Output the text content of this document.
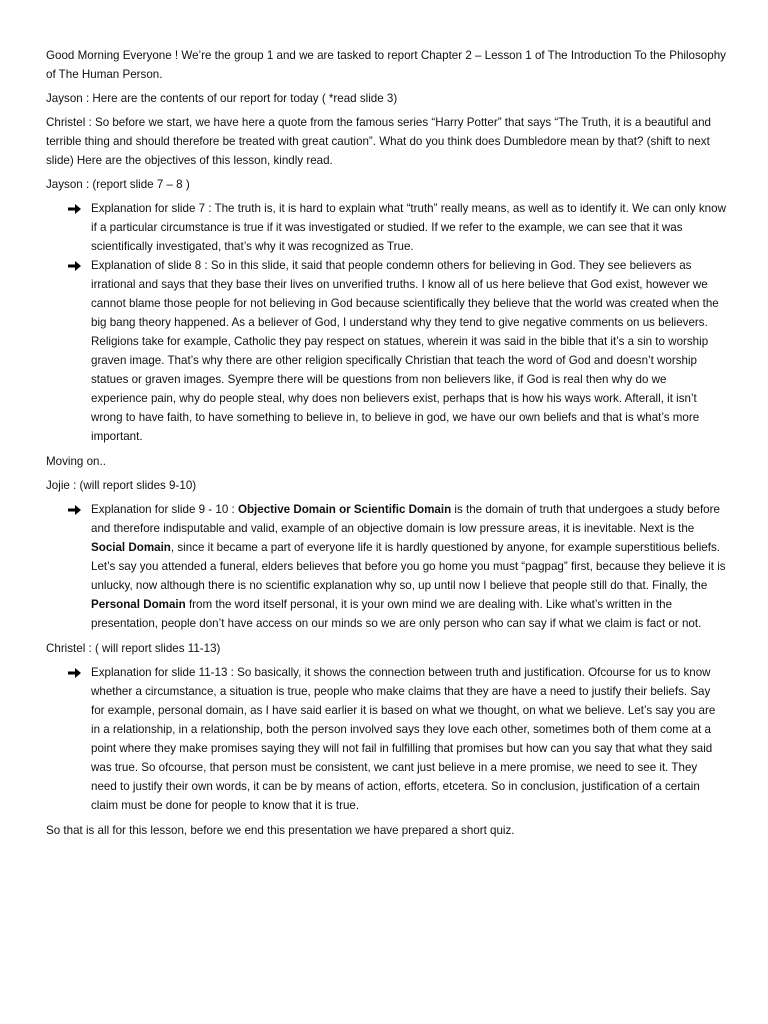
Good Morning Everyone ! We’re the group 1 and we are tasked to report Chapter 2 – Lesson 1 of The Introduction To the Philosophy of The Human Person.

Jayson : Here are the contents of our report for today ( *read slide 3)

Christel : So before we start, we have here a quote from the famous series “Harry Potter” that says “The Truth, it is a beautiful and terrible thing and should therefore be treated with great caution”. What do you think does Dumbledore mean by that? (shift to next slide) Here are the objectives of this lesson, kindly read.

Jayson : (report slide 7 – 8 )

Explanation for slide 7 : The truth is, it is hard to explain what “truth” really means, as well as to identify it. We can only know if a particular circumstance is true if it was investigated or studied. If we refer to the example, we can see that it was scientifically investigated, that’s why it was recognized as True.
Explanation of slide 8 : So in this slide, it said that people condemn others for believing in God. They see believers as irrational and says that they base their lives on unverified truths. I know all of us here believe that God exist, however we cannot blame those people for not believing in God because scientifically they believe that the world was created when the big bang theory happened. As a believer of God, I understand why they tend to give negative comments on us believers. Religions take for example, Catholic they pay respect on statues, wherein it was said in the bible that it’s a sin to worship graven image. That’s why there are other religion specifically Christian that teach the word of God and doesn’t worship statues or graven images. Syempre there will be questions from non believers like, if God is real then why do we experience pain, why do people steal, why does non believers exist, perhaps that is how his ways work. Afterall, it isn’t wrong to have faith, to have something to believe in, to believe in god, we have our own beliefs and that is what’s more important.

Moving on..

Jojie : (will report slides 9-10)

Explanation for slide 9 - 10 : Objective Domain or Scientific Domain is the domain of truth that undergoes a study before and therefore indisputable and valid, example of an objective domain is low pressure areas, it is inevitable. Next is the Social Domain, since it became a part of everyone life it is hardly questioned by anyone, for example superstitious beliefs. Let’s say you attended a funeral, elders believes that before you go home you must “pagpag” first, because they believe it is unlucky, now although there is no scientific explanation why so, up until now I believe that people still do that. Finally, the Personal Domain from the word itself personal, it is your own mind we are dealing with. Like what’s written in the presentation, people don’t have access on our minds so we are only person who can say if what we claim is fact or not.

Christel : ( will report slides 11-13)

Explanation for slide 11-13 : So basically, it shows the connection between truth and justification. Ofcourse for us to know whether a circumstance, a situation is true, people who make claims that they are have a need to justify their beliefs. Say for example, personal domain, as I have said earlier it is based on what we thought, on what we believe. Let’s say you are in a relationship, in a relationship, both the person involved says they love each other, sometimes both of them come at a point where they make promises saying they will not fail in fulfilling that promises but how can you say that what they said was true. So ofcourse, that person must be consistent, we cant just believe in a mere promise, we need to see it. They need to justify their own words, it can be by means of action, efforts, etcetera. So in conclusion, justification of a certain claim must be done for people to know that it is true.

So that is all for this lesson, before we end this presentation we have prepared a short quiz.
